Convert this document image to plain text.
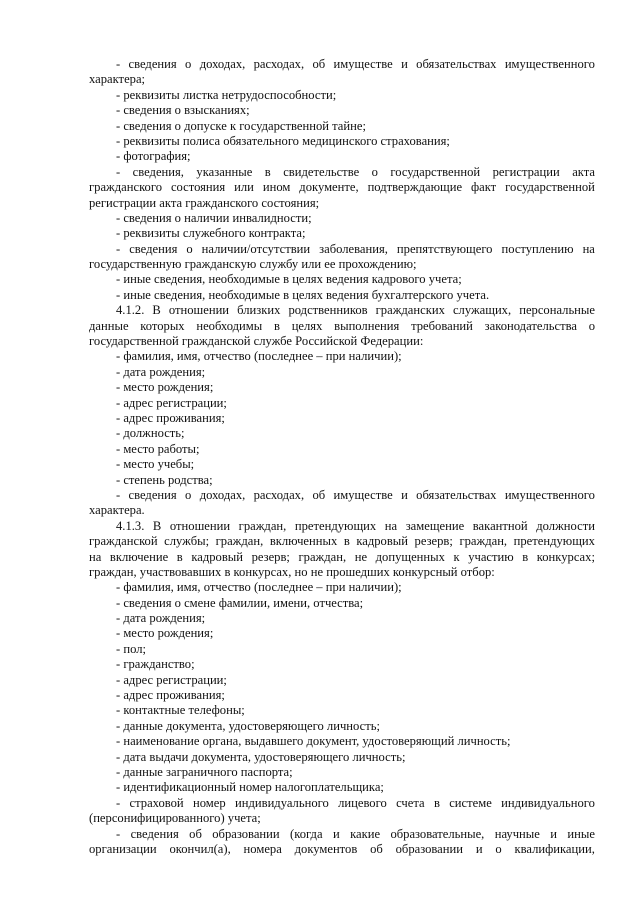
- сведения о доходах, расходах, об имуществе и обязательствах имущественного
характера;
- реквизиты листка нетрудоспособности;
- сведения о взысканиях;
- сведения о допуске к государственной тайне;
- реквизиты полиса обязательного медицинского страхования;
- фотография;
- сведения, указанные в свидетельстве о государственной регистрации акта
гражданского состояния или ином документе, подтверждающие факт государственной
регистрации акта гражданского состояния;
- сведения о наличии инвалидности;
- реквизиты служебного контракта;
- сведения о наличии/отсутствии заболевания, препятствующего поступлению на
государственную гражданскую службу или ее прохождению;
- иные сведения, необходимые в целях ведения кадрового учета;
- иные сведения, необходимые в целях ведения бухгалтерского учета.
4.1.2. В отношении близких родственников гражданских служащих, персональные
данные которых необходимы в целях выполнения требований законодательства о
государственной гражданской службе Российской Федерации:
- фамилия, имя, отчество (последнее – при наличии);
- дата рождения;
- место рождения;
- адрес регистрации;
- адрес проживания;
- должность;
- место работы;
- место учебы;
- степень родства;
- сведения о доходах, расходах, об имуществе и обязательствах имущественного
характера.
4.1.3. В отношении граждан, претендующих на замещение вакантной должности
гражданской службы; граждан, включенных в кадровый резерв; граждан, претендующих
на включение в кадровый резерв; граждан, не допущенных к участию в конкурсах;
граждан, участвовавших в конкурсах, но не прошедших конкурсный отбор:
- фамилия, имя, отчество (последнее – при наличии);
- сведения о смене фамилии, имени, отчества;
- дата рождения;
- место рождения;
- пол;
- гражданство;
- адрес регистрации;
- адрес проживания;
- контактные телефоны;
- данные документа, удостоверяющего личность;
- наименование органа, выдавшего документ, удостоверяющий личность;
- дата выдачи документа, удостоверяющего личность;
- данные заграничного паспорта;
- идентификационный номер налогоплательщика;
- страховой номер индивидуального лицевого счета в системе индивидуального
(персонифицированного) учета;
- сведения об образовании (когда и какие образовательные, научные и иные
организации окончил(а), номера документов об образовании и о квалификации,
